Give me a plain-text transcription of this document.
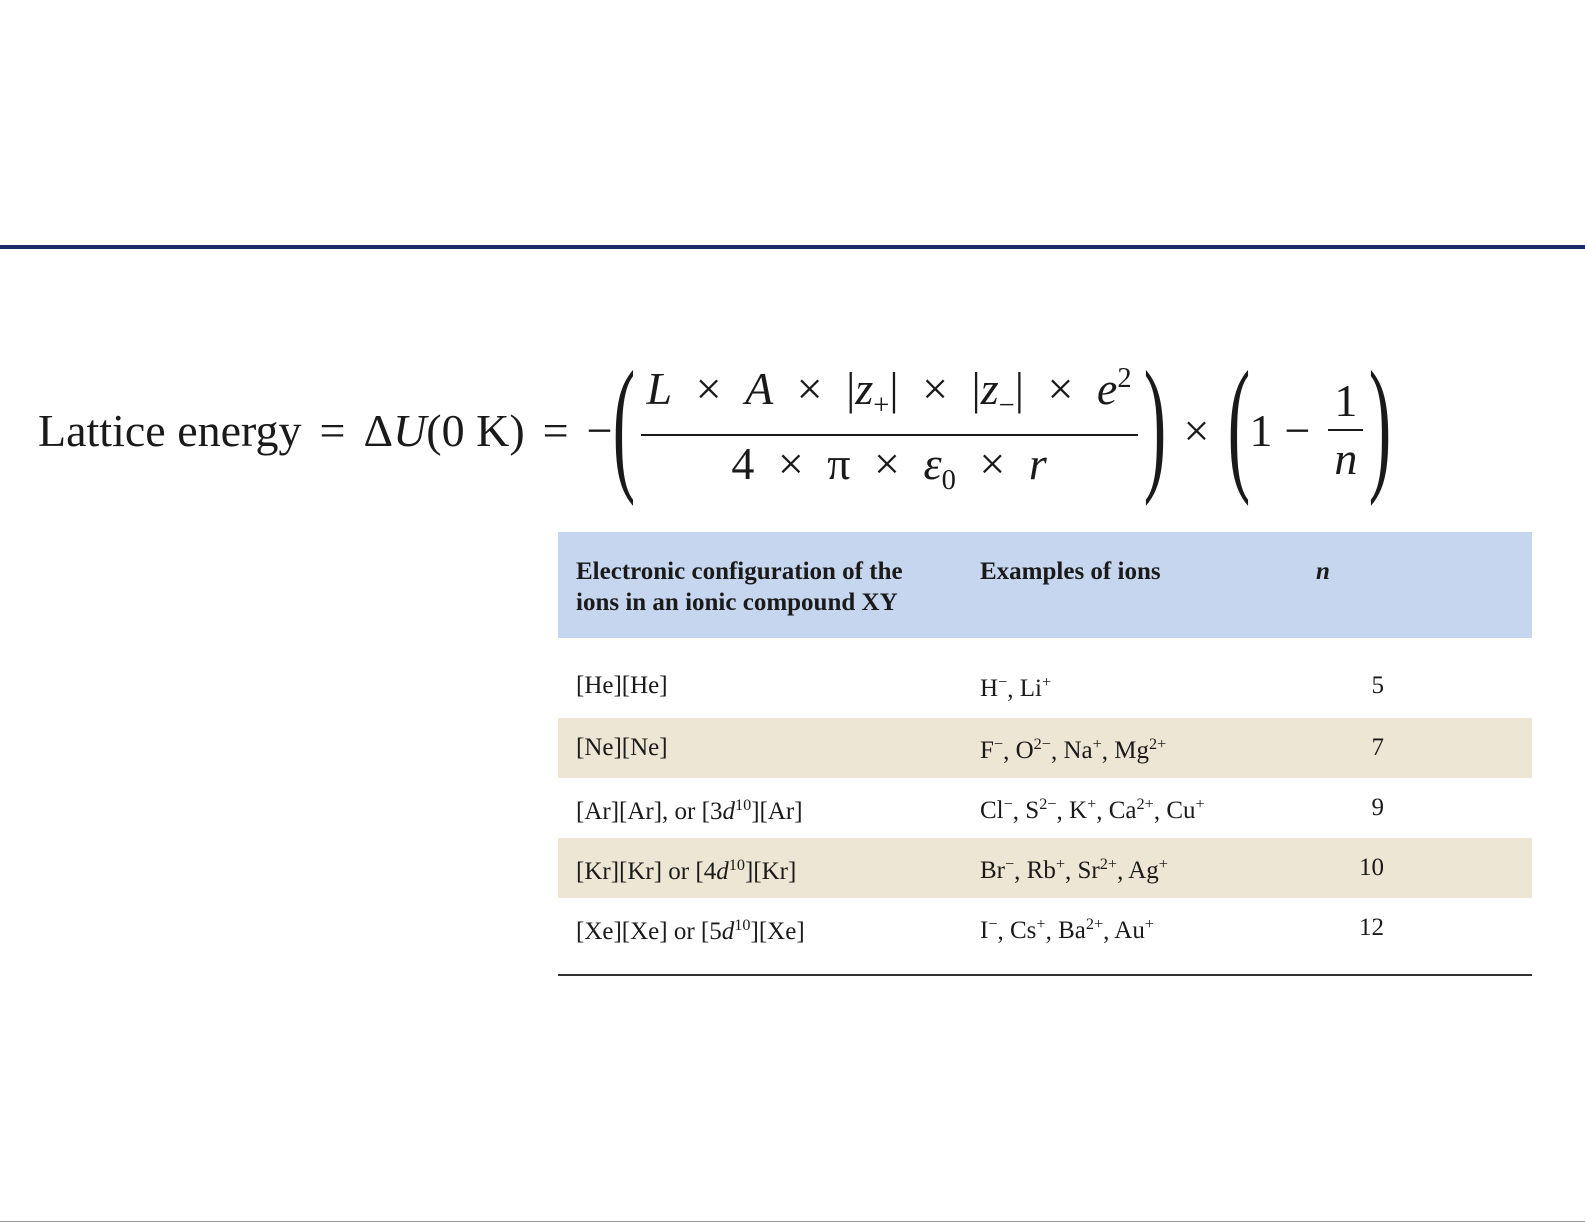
Lattice energy = Δ U (0 K) = − ( $L \times A \times |z_+| \times |z_-| \times e^2$
$4 \times \pi \times \varepsilon_0 \times r$ ) × ( $1 - \frac{1}{n}$ )
Electronic configuration of the
ions in an ionic compound XY	Examples of ions	n

[He][He]	H−, Li+	5
[Ne][Ne]	F−, $O^{2-}$, Na+, $Mg^{2+}$	7
[Ar][Ar], or $[3d^{10}][Ar]$	Cl−, $S^{2-}$, K+, $Ca^{2+}$, Cu+	9
[Kr][Kr] or $[4d^{10}][Kr]$	Br−, Rb+, $Sr^{2+}$, Ag+	10
[Xe][Xe] or $[5d^{10}][Xe]$	I−, Cs+, $Ba^{2+}$, Au+	12
